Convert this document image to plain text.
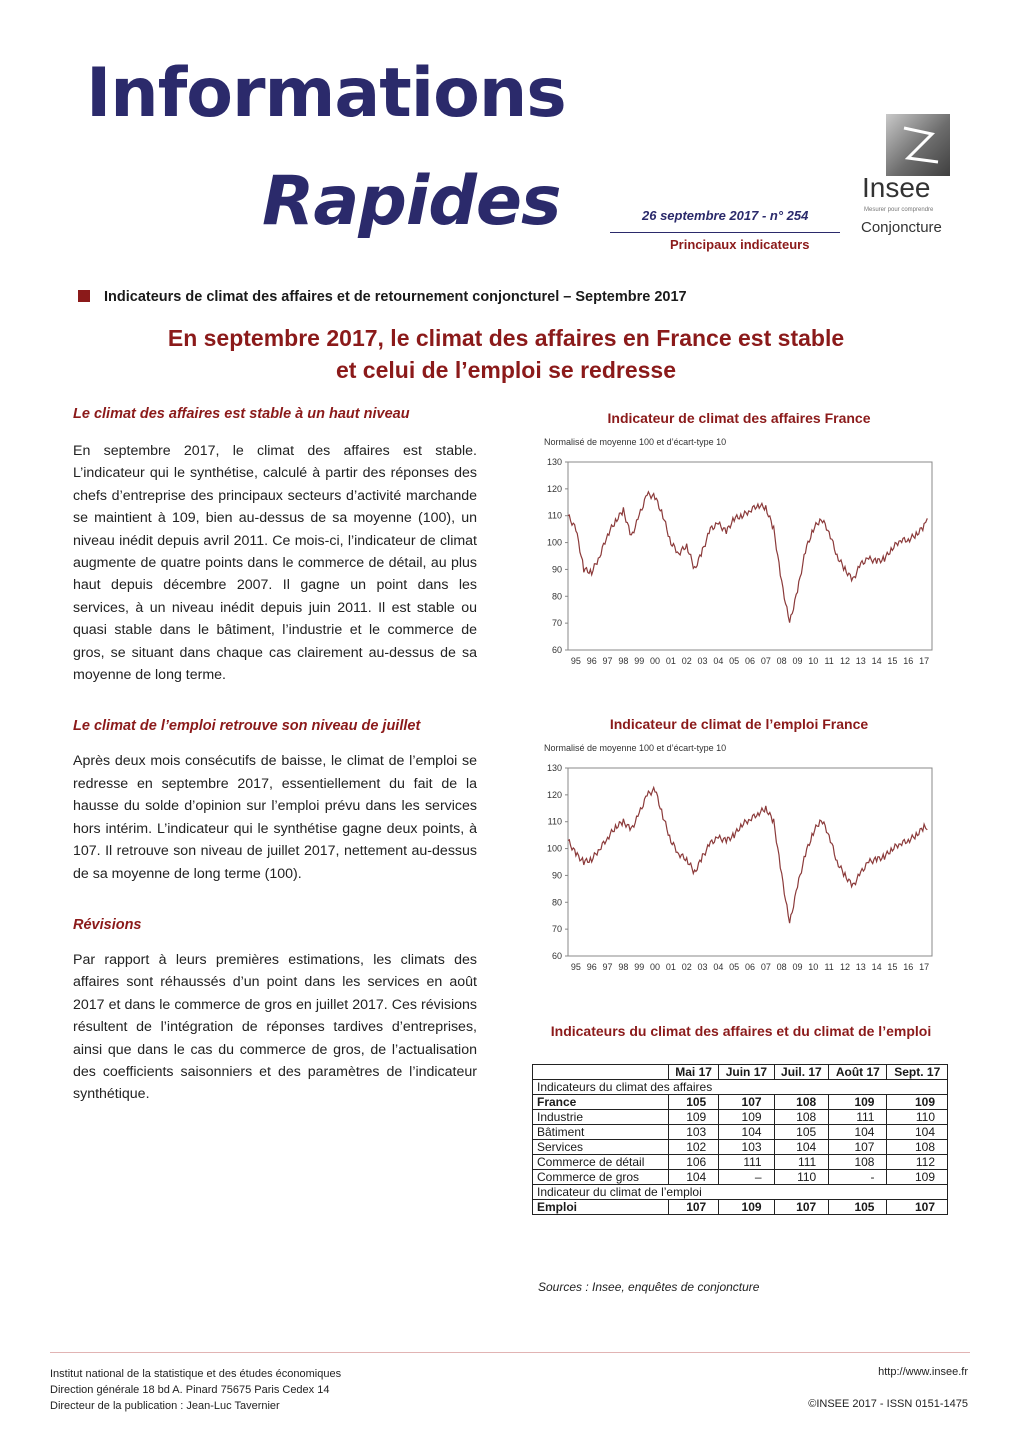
Informations
Rapides	26 septembre 2017 - n° 254
Principaux indicateurs
Insee
Mesurer pour comprendre
Conjoncture
Indicateurs de climat des affaires et de retournement conjoncturel – Septembre 2017
En septembre 2017, le climat des affaires en France est stable
et celui de l’emploi se redresse
Le climat des affaires est stable à un haut niveau
En septembre 2017, le climat des affaires est stable. L’indicateur qui le synthétise, calculé à partir des réponses des chefs d’entreprise des principaux secteurs d’activité marchande se maintient à 109, bien au-dessus de sa moyenne (100), un niveau inédit depuis avril 2011. Ce mois-ci, l’indicateur de climat augmente de quatre points dans le commerce de détail, au plus haut depuis décembre 2007. Il gagne un point dans les services, à un niveau inédit depuis juin 2011. Il est stable ou quasi stable dans le bâtiment, l’industrie et le commerce de gros, se situant dans chaque cas clairement au-dessus de sa moyenne de long terme.
Le climat de l’emploi retrouve son niveau de juillet
Après deux mois consécutifs de baisse, le climat de l’emploi se redresse en septembre 2017, essentiellement du fait de la hausse du solde d’opinion sur l’emploi prévu dans les services hors intérim. L’indicateur qui le synthétise gagne deux points, à 107. Il retrouve son niveau de juillet 2017, nettement au-dessus de sa moyenne de long terme (100).
Révisions
Par rapport à leurs premières estimations, les climats des affaires sont réhaussés d’un point dans les services en août 2017 et dans le commerce de gros en juillet 2017. Ces révisions résultent de l’intégration de réponses tardives d’entreprises, ainsi que dans le cas du commerce de gros, de l’actualisation des coefficients saisonniers et des paramètres de l’indicateur synthétique.
Indicateur de climat des affaires France
Normalisé de moyenne 100 et d’écart-type 10
60
70
80
90
100
110
120
130
95 96 97 98 99 00 01 02 03 04 05 06 07 08 09 10 11 12 13 14 15 16 17
Indicateur de climat de l’emploi France
Normalisé de moyenne 100 et d’écart-type 10
60
70
80
90
100
110
120
130
95 96 97 98 99 00 01 02 03 04 05 06 07 08 09 10 11 12 13 14 15 16 17
Indicateurs du climat des affaires et du climat de l’emploi
	Mai 17	Juin 17	Juil. 17	Août 17	Sept. 17
Indicateurs du climat des affaires					
France	105	107	108	109	109
Industrie	109	109	108	111	110
Bâtiment	103	104	105	104	104
Services	102	103	104	107	108
Commerce de détail	106	111	111	108	112
Commerce de gros	104	–	110	-	109
Indicateur du climat de l’emploi					
Emploi	107	109	107	105	107
Sources : Insee, enquêtes de conjoncture
Institut national de la statistique et des études économiques
Direction générale 18 bd A. Pinard 75675 Paris Cedex 14
Directeur de la publication : Jean-Luc Tavernier
http://www.insee.fr
©INSEE 2017 - ISSN 0151-1475
